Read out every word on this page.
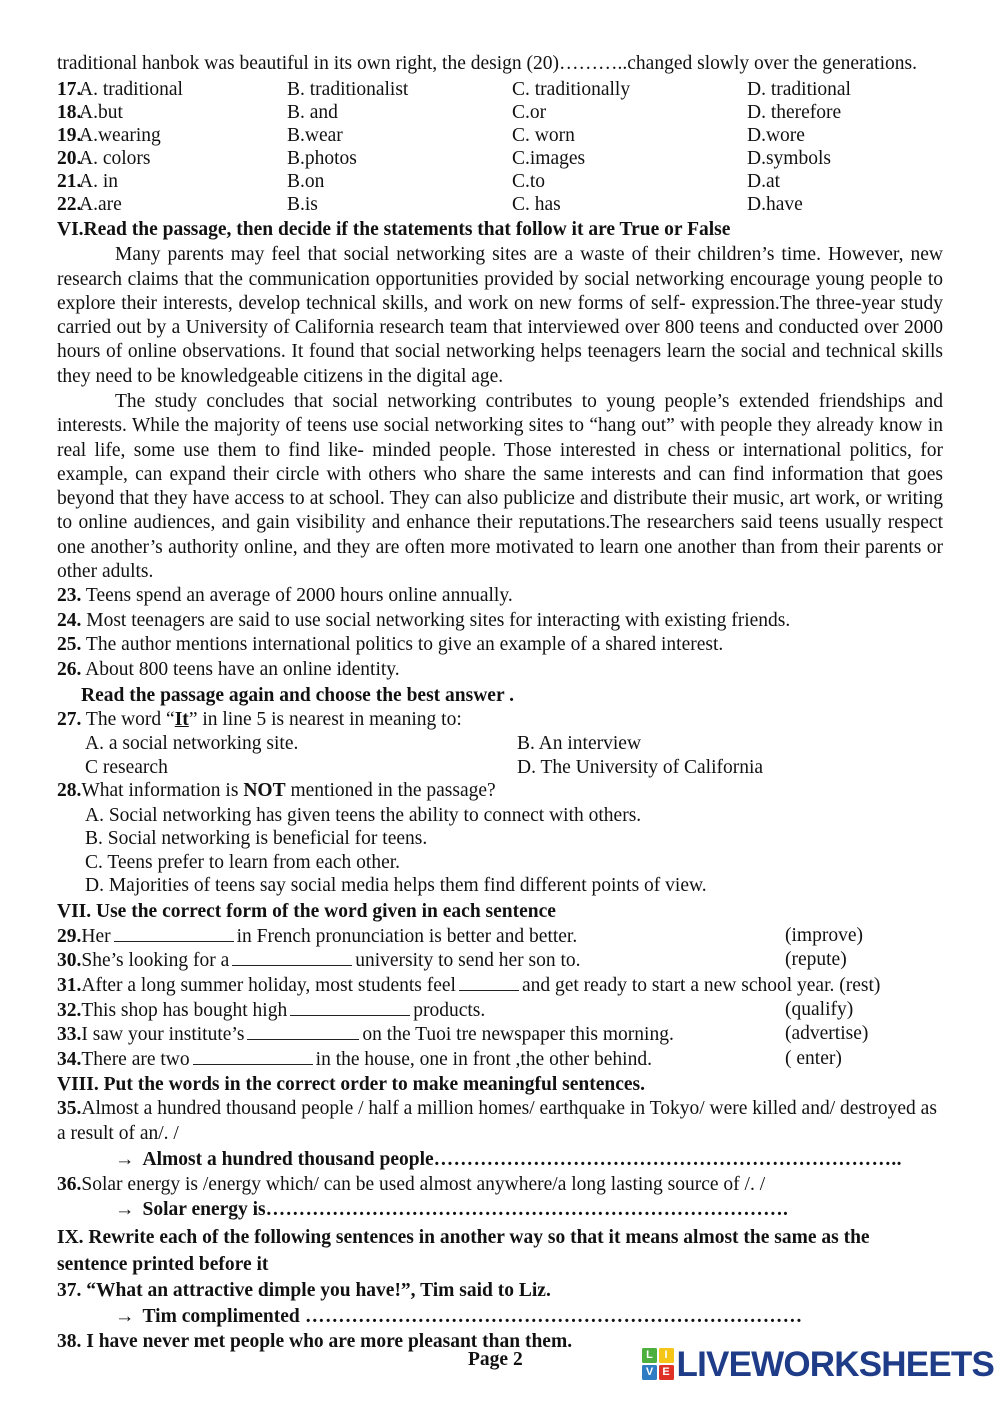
traditional hanbok was beautiful in its own right, the design (20)………..changed slowly over the generations.

17.	A. traditional	B. traditionalist	C. traditionally	D. traditional
18.	A.but	B. and	C.or	D. therefore
19.	A.wearing	B.wear	C. worn	D.wore
20.	A. colors	B.photos	C.images	D.symbols
21.	A. in	B.on	C.to	D.at
22.	A.are	B.is	C. has	D.have

VI.Read the passage, then decide if the statements that follow it are True or False

Many parents may feel that social networking sites are a waste of their children’s time. However, new research claims that the communication opportunities provided by social networking encourage young people to explore their interests, develop technical skills, and work on new forms of self- expression.The three-year study carried out by a University of California research team that interviewed over 800 teens and conducted over 2000 hours of online observations. It found that social networking helps teenagers learn the social and technical skills they need to be knowledgeable citizens in the digital age.

The study concludes that social networking contributes to young people’s extended friendships and interests. While the majority of teens use social networking sites to “hang out” with people they already know in real life, some use them to find like- minded people. Those interested in chess or international politics, for example, can expand their circle with others who share the same interests and can find information that goes beyond that they have access to at school. They can also publicize and distribute their music, art work, or writing to online audiences, and gain visibility and enhance their reputations.The researchers said teens usually respect one another’s authority online, and they are often more motivated to learn one another than from their parents or other adults.

23. Teens spend an average of 2000 hours online annually.

24. Most teenagers are said to use social networking sites for interacting with existing friends.

25. The author mentions international politics to give an example of a shared interest.

26. About 800 teens have an online identity.

Read the passage again and choose the best answer .

27. The word “It” in line 5 is nearest in meaning to:

A. a social networking site.	B. An interview
C research	D. The University of California

28.What information is NOT mentioned in the passage?

A. Social networking has given teens the ability to connect with others.

B. Social networking is beneficial for teens.

C. Teens prefer to learn from each other.

D. Majorities of teens say social media helps them find different points of view.

VII. Use the correct form of the word given in each sentence

29.Her	in French pronunciation is better and better.	(improve)
30.She’s looking for a	university to send her son to.	(repute)
31.After a long summer holiday, most students feel	and get ready to start a new school year. (rest)
32.This shop has bought high	products.	(qualify)
33.I saw your institute’s	on the Tuoi tre newspaper this morning.	(advertise)
34.There are two	in the house, one in front ,the other behind.	( enter)

VIII. Put the words in the correct order to make meaningful sentences.

35.Almost a hundred thousand people / half a million homes/ earthquake in Tokyo/ were killed and/ destroyed as a result of an/. /

→ Almost a hundred thousand people……………………………………………………………..

36.Solar energy is /energy which/ can be used almost anywhere/a long lasting source of /. /

→ Solar energy is…………………………………………………………………….

IX. Rewrite each of the following sentences in another way so that it means almost the same as the sentence printed before it

37. “What an attractive dimple you have!”, Tim said to Liz.

→ Tim complimented …………………………………………………………………

38. I have never met people who are more pleasant than them.

Page 2	L	I
V E LIVEWORKSHEETS
